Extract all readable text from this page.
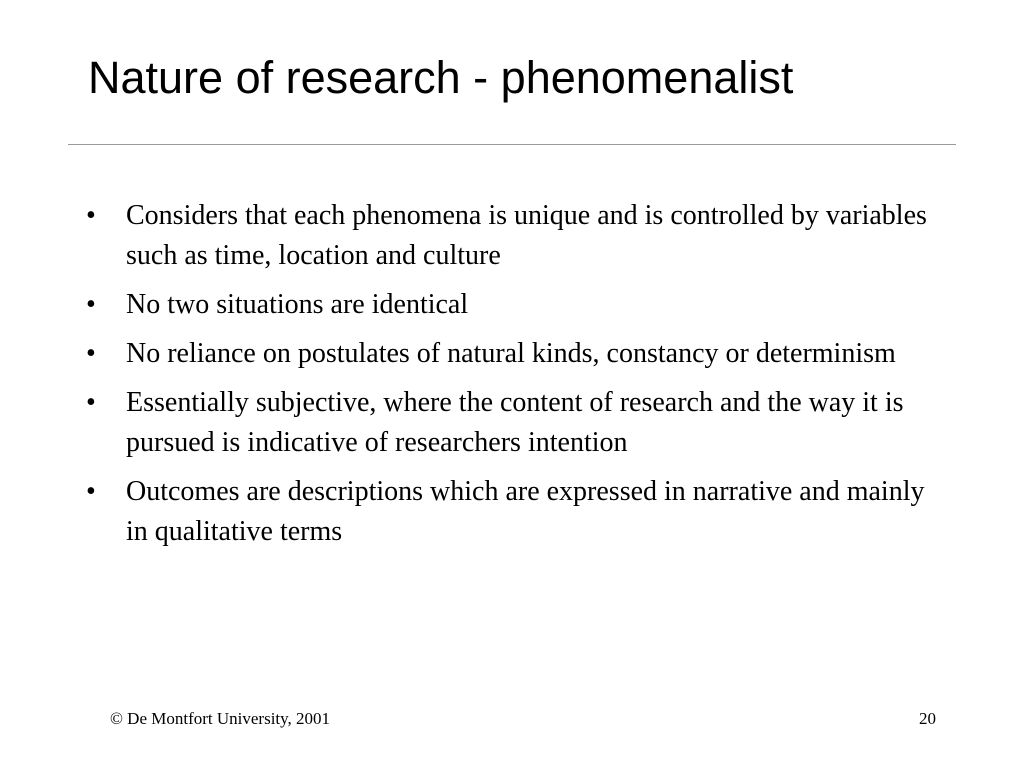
Nature of research - phenomenalist
• Considers that each phenomena is unique and is controlled by variables such as time, location and culture
• No two situations are identical
• No reliance on postulates of natural kinds, constancy or determinism
• Essentially subjective, where the content of research and the way it is pursued is indicative of researchers intention
• Outcomes are descriptions which are expressed in narrative and mainly in qualitative terms
© De Montfort University, 2001	20
